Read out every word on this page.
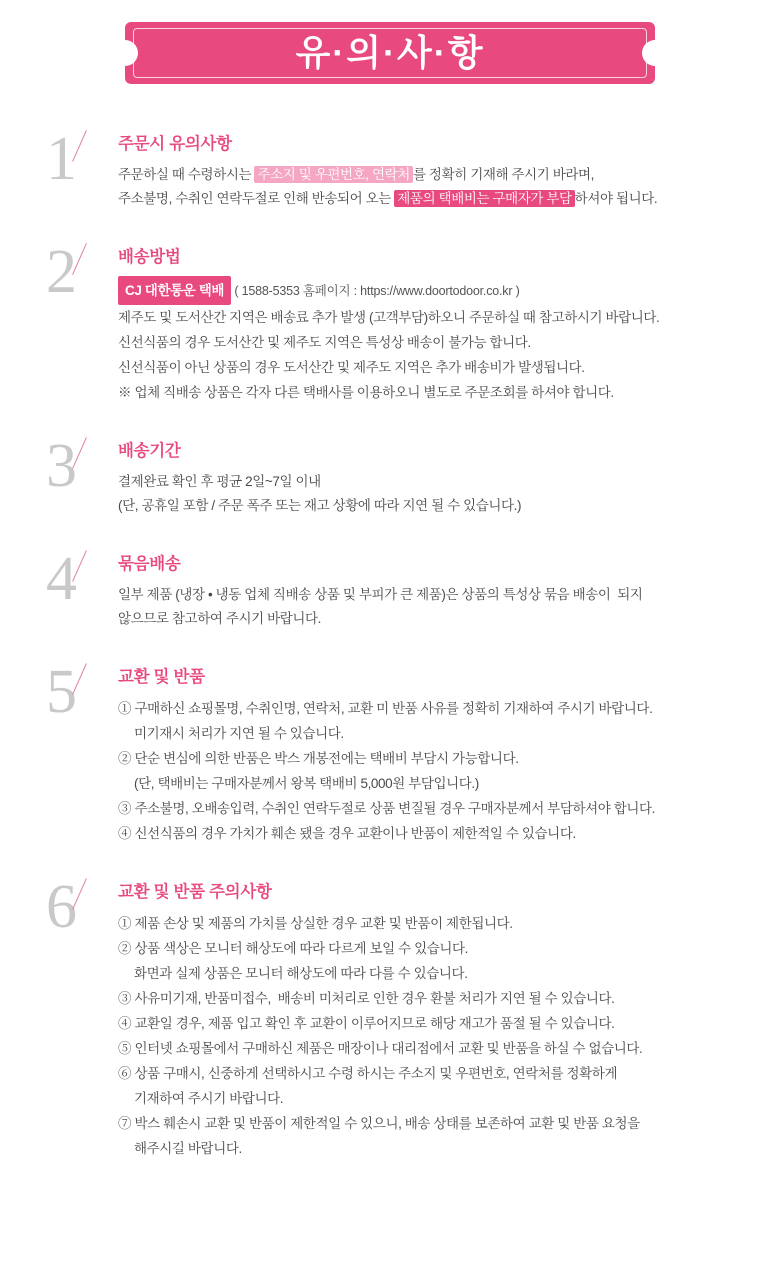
유·의·사·항
1	주문시 유의사항
주문하실 때 수령하시는 주소지 및 우편번호, 연락처 를 정확히 기재해 주시기 바라며,
주소불명, 수취인 연락두절로 인해 반송되어 오는 제품의 택배비는 구매자가 부담 하셔야 됩니다.
2	배송방법
CJ 대한통운 택배 ( 1588-5353 홈페이지 : https://www.doortodoor.co.kr )
제주도 및 도서산간 지역은 배송료 추가 발생 (고객부담)하오니 주문하실 때 참고하시기 바랍니다.
신선식품의 경우 도서산간 및 제주도 지역은 특성상 배송이 불가능 합니다.
신선식품이 아닌 상품의 경우 도서산간 및 제주도 지역은 추가 배송비가 발생됩니다.
※ 업체 직배송 상품은 각자 다른 택배사를 이용하오니 별도로 주문조회를 하셔야 합니다.
3	배송기간
결제완료 확인 후 평균 2일~7일 이내
(단, 공휴일 포함 / 주문 폭주 또는 재고 상황에 따라 지연 될 수 있습니다.)
4	묶음배송
일부 제품 (냉장 • 냉동 업체 직배송 상품 및 부피가 큰 제품)은 상품의 특성상 묶음 배송이  되지
않으므로 참고하여 주시기 바랍니다.
5	교환 및 반품
① 구매하신 쇼핑몰명, 수취인명, 연락처, 교환 미 반품 사유를 정확히 기재하여 주시기 바랍니다.
미기재시 처리가 지연 될 수 있습니다.
② 단순 변심에 의한 반품은 박스 개봉전에는 택배비 부담시 가능합니다.
(단, 택배비는 구매자분께서 왕복 택배비 5,000원 부담입니다.)
③ 주소불명, 오배송입력, 수취인 연락두절로 상품 변질될 경우 구매자분께서 부담하셔야 합니다.
④ 신선식품의 경우 가치가 훼손 됐을 경우 교환이나 반품이 제한적일 수 있습니다.
6	교환 및 반품 주의사항
① 제품 손상 및 제품의 가치를 상실한 경우 교환 및 반품이 제한됩니다.
② 상품 색상은 모니터 해상도에 따라 다르게 보일 수 있습니다.
화면과 실제 상품은 모니터 해상도에 따라 다를 수 있습니다.
③ 사유미기재, 반품미접수,  배송비 미처리로 인한 경우 환불 처리가 지연 될 수 있습니다.
④ 교환일 경우, 제품 입고 확인 후 교환이 이루어지므로 해당 재고가 품절 될 수 있습니다.
⑤ 인터넷 쇼핑몰에서 구매하신 제품은 매장이나 대리점에서 교환 및 반품을 하실 수 없습니다.
⑥ 상품 구매시, 신중하게 선택하시고 수령 하시는 주소지 및 우편번호, 연락처를 정확하게
기재하여 주시기 바랍니다.
⑦ 박스 훼손시 교환 및 반품이 제한적일 수 있으니, 배송 상태를 보존하여 교환 및 반품 요청을
해주시길 바랍니다.
